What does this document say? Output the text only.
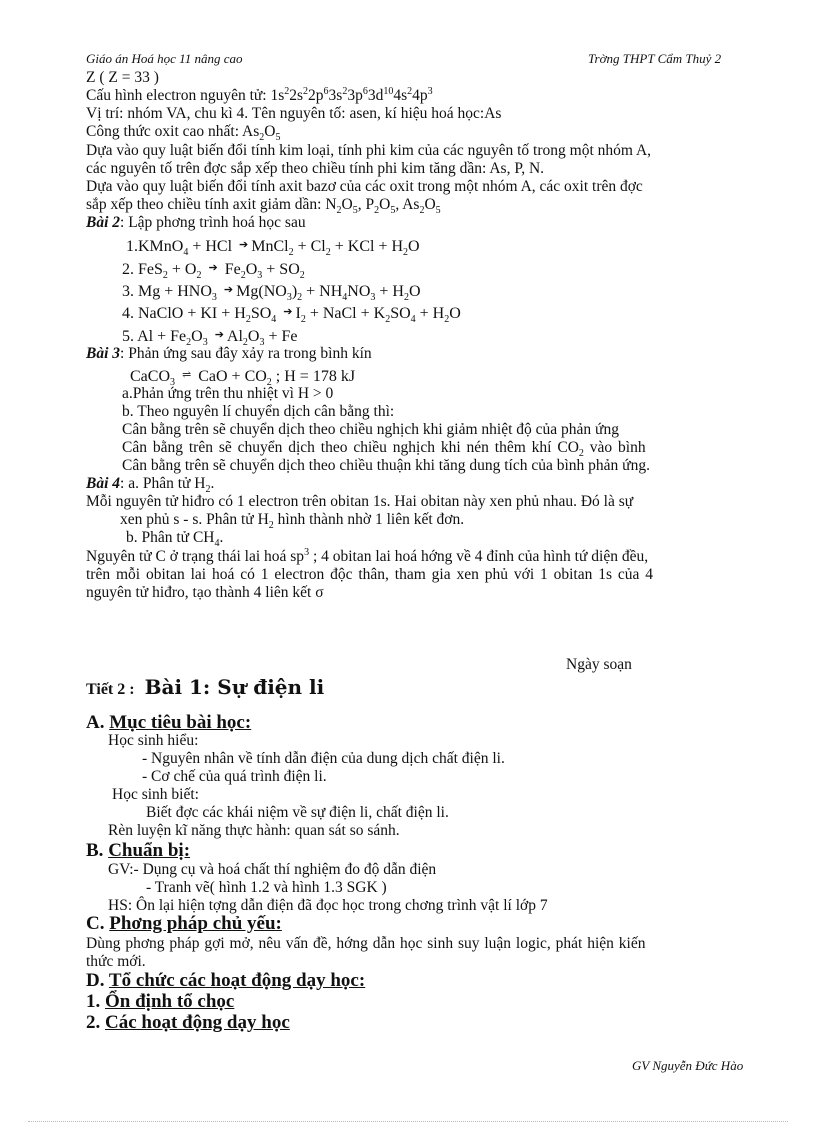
Giáo án Hoá học 11 nâng cao	Trờng THPT Cẩm Thuỷ 2
Z ( Z = 33 )
Cấu hình electron nguyên tử: $1s^22s^22p^63s^23p^63d^{10}4s^24p^3$
Vị trí: nhóm VA, chu kì 4. Tên nguyên tố: asen, kí hiệu hoá học:As
Công thức oxit cao nhất: $As_2O_5$
Dựa vào quy luật biến đổi tính kim loại, tính phi kim của các nguyên tố trong một nhóm A,
các nguyên tố trên đợc sắp xếp theo chiều tính phi kim tăng dần: As, P, N.
Dựa vào quy luật biến đổi tính axit bazơ của các oxit trong một nhóm A, các oxit trên đợc
sắp xếp theo chiều tính axit giảm dần: $N_2O_5$, $P_2O_5$, $As_2O_5$
Bài 2: Lập phơng trình hoá học sau
1.KMnO$_4$ + HCl ➔ MnCl$_2$ + $Cl_2$ + KCl + $H_2O$
2. $FeS_2 + O_2$ ➔ $Fe_2O_3 + SO_2$
3. $Mg + HNO_3$ ➔ $Mg(NO_3)_2 + NH_4NO_3 + H_2O$
4. NaClO + KI + $H_2SO_4$ ➔ $I_2$ + NaCl + $K_2SO_4 + H_2O$
5. $Al + Fe_2O_3$ ➔ $Al_2O_3 + Fe$
Bài 3: Phản ứng sau đây xảy ra trong bình kín
CaCO$_3$ ⇌ CaO + $CO_2$ ; H = 178 kJ
a.Phản ứng trên thu nhiệt vì H > 0
b. Theo nguyên lí chuyển dịch cân bằng thì:
Cân bằng trên sẽ chuyển dịch theo chiều nghịch khi giảm nhiệt độ của phản ứng
Cân bằng trên sẽ chuyển dịch theo chiều nghịch khi nén thêm khí $CO_2$ vào bình
Cân bằng trên sẽ chuyển dịch theo chiều thuận khi tăng dung tích của bình phản ứng.
Bài 4: a. Phân tử $H_2$.
Mỗi nguyên tử hiđro có 1 electron trên obitan 1s. Hai obitan này xen phủ nhau. Đó là sự
xen phủ s - s. Phân tử $H_2$ hình thành nhờ 1 liên kết đơn.
b. Phân tử $CH_4$.
Nguyên tử C ở trạng thái lai hoá $sp^3$ ; 4 obitan lai hoá hớng về 4 đỉnh của hình tứ diện đều,
trên mỗi obitan lai hoá có 1 electron độc thân, tham gia xen phủ với 1 obitan 1s của 4
nguyên tử hiđro, tạo thành 4 liên kết σ
Ngày soạn
Tiết 2 : Bài 1: Sự điện li
A. Mục tiêu bài học:
Học sinh hiểu:
- Nguyên nhân về tính dẫn điện của dung dịch chất điện li.
- Cơ chế của quá trình điện li.
Học sinh biết:
Biết đợc các khái niệm về sự điện li, chất điện li.
Rèn luyện kĩ năng thực hành: quan sát so sánh.
B. Chuẩn bị:
GV:- Dụng cụ và hoá chất thí nghiệm đo độ dẫn điện
- Tranh vẽ( hình 1.2 và hình 1.3 SGK )
HS: Ôn lại hiện tợng dẫn điện đã đọc học trong chơng trình vật lí lớp 7
C. Phơng pháp chủ yếu:
Dùng phơng pháp gợi mở, nêu vấn đề, hớng dẫn học sinh suy luận logic, phát hiện kiến
thức mới.
D. Tổ chức các hoạt động dạy học:
1. Ổn định tổ chọc
2. Các hoạt động dạy học
GV Nguyễn Đức Hào
